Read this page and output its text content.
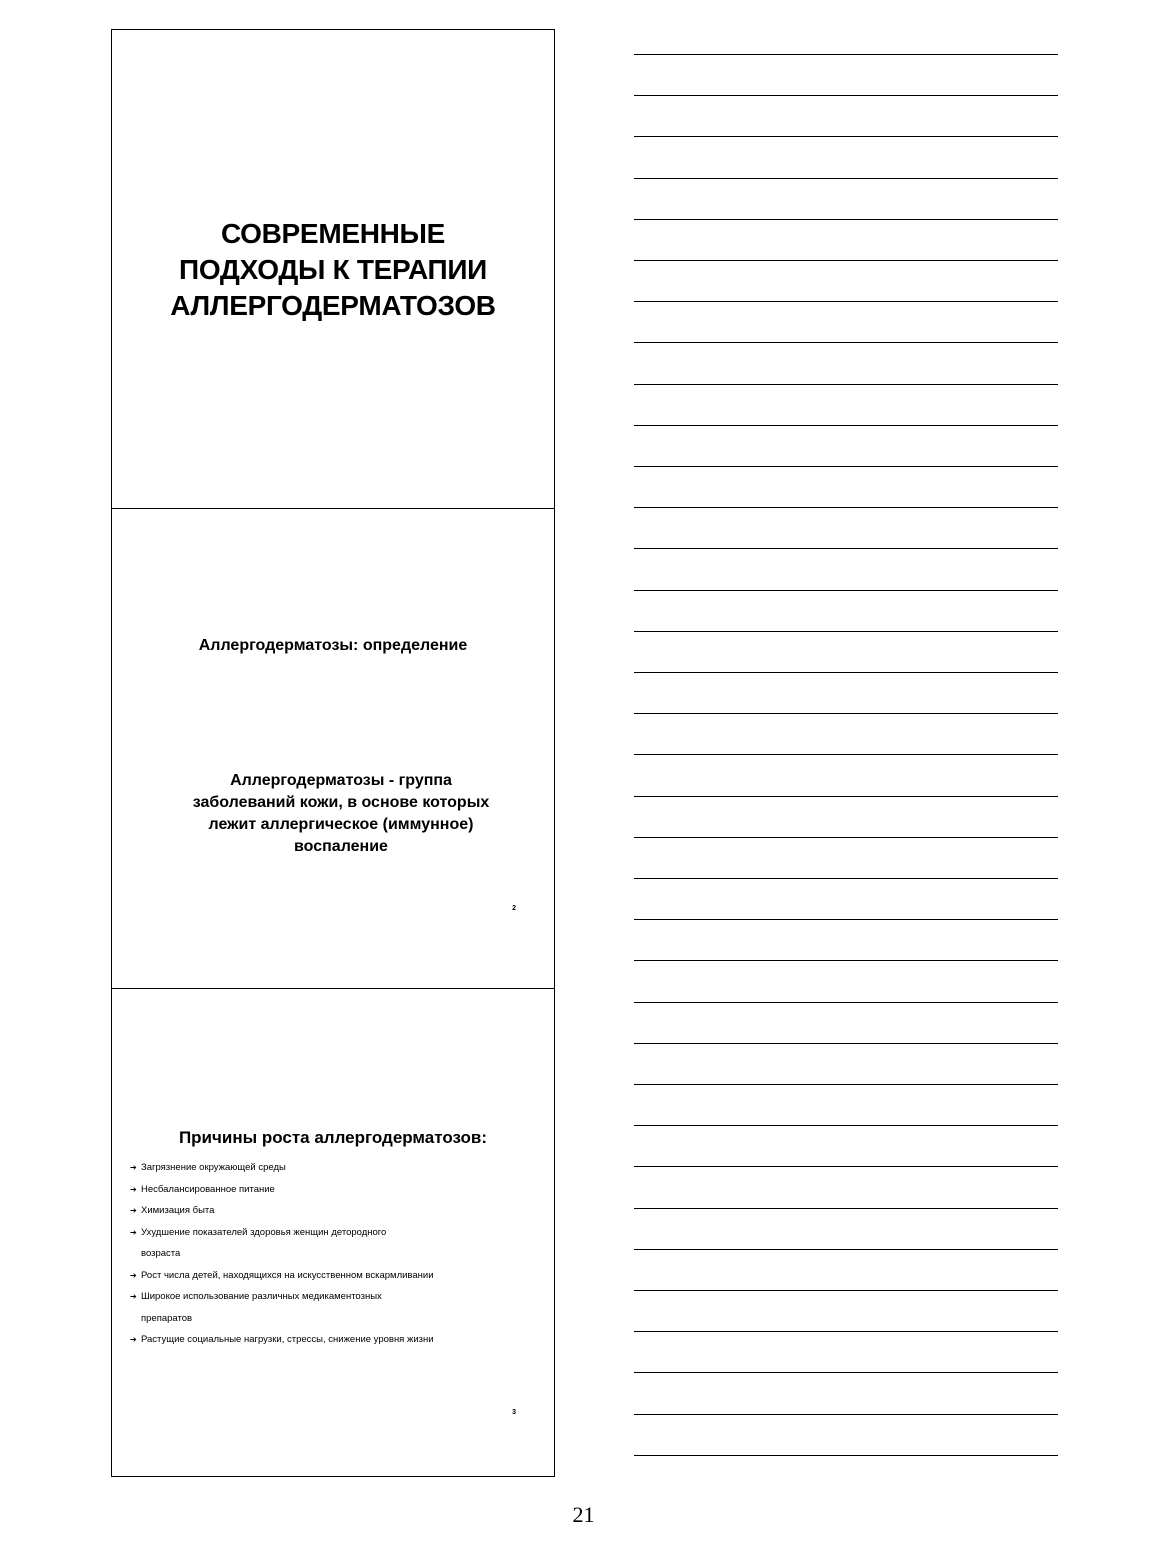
СОВРЕМЕННЫЕ
ПОДХОДЫ К ТЕРАПИИ
АЛЛЕРГОДЕРМАТОЗОВ
Аллергодерматозы: определение
Аллергодерматозы - группа
заболеваний кожи, в основе которых
лежит аллергическое (иммунное)
воспаление
2
Причины роста аллергодерматозов:
➔ Загрязнение окружающей среды
➔ Несбалансированное питание
➔ Химизация быта
➔ Ухудшение показателей здоровья женщин детородного
возраста
➔ Рост числа детей, находящихся на искусственном вскармливании
➔ Широкое использование различных медикаментозных
препаратов
➔ Растущие социальные нагрузки, стрессы, снижение уровня жизни
3
21
